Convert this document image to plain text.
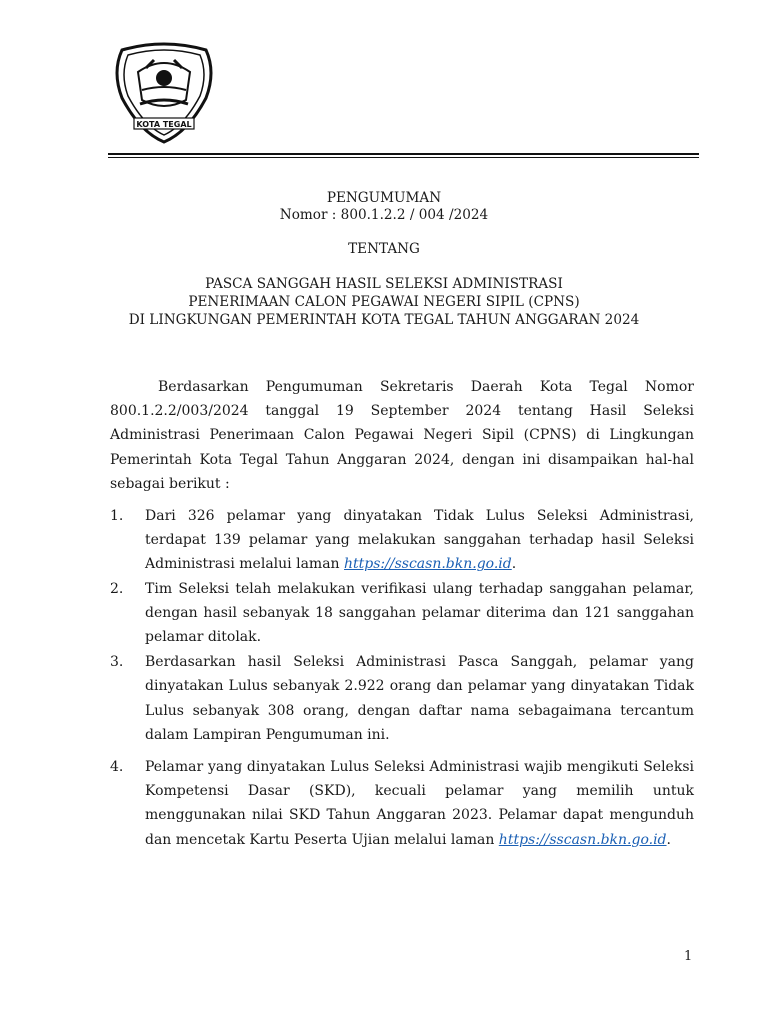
KOTA TEGAL
PENGUMUMAN
Nomor : 800.1.2.2 / 004 /2024
TENTANG
PASCA SANGGAH HASIL SELEKSI ADMINISTRASI
PENERIMAAN CALON PEGAWAI NEGERI SIPIL (CPNS)
DI LINGKUNGAN PEMERINTAH KOTA TEGAL TAHUN ANGGARAN 2024
Berdasarkan Pengumuman Sekretaris Daerah Kota Tegal Nomor 800.1.2.2/003/2024 tanggal 19 September 2024 tentang Hasil Seleksi Administrasi Penerimaan Calon Pegawai Negeri Sipil (CPNS) di Lingkungan Pemerintah Kota Tegal Tahun Anggaran 2024, dengan ini disampaikan hal-hal sebagai berikut :
1. Dari 326 pelamar yang dinyatakan Tidak Lulus Seleksi Administrasi, terdapat 139 pelamar yang melakukan sanggahan terhadap hasil Seleksi Administrasi melalui laman https://sscasn.bkn.go.id.
2. Tim Seleksi telah melakukan verifikasi ulang terhadap sanggahan pelamar, dengan hasil sebanyak 18 sanggahan pelamar diterima dan 121 sanggahan pelamar ditolak.
3. Berdasarkan hasil Seleksi Administrasi Pasca Sanggah, pelamar yang dinyatakan Lulus sebanyak 2.922 orang dan pelamar yang dinyatakan Tidak Lulus sebanyak 308 orang, dengan daftar nama sebagaimana tercantum dalam Lampiran Pengumuman ini.
4. Pelamar yang dinyatakan Lulus Seleksi Administrasi wajib mengikuti Seleksi Kompetensi Dasar (SKD), kecuali pelamar yang memilih untuk menggunakan nilai SKD Tahun Anggaran 2023. Pelamar dapat mengunduh dan mencetak Kartu Peserta Ujian melalui laman https://sscasn.bkn.go.id.
1
